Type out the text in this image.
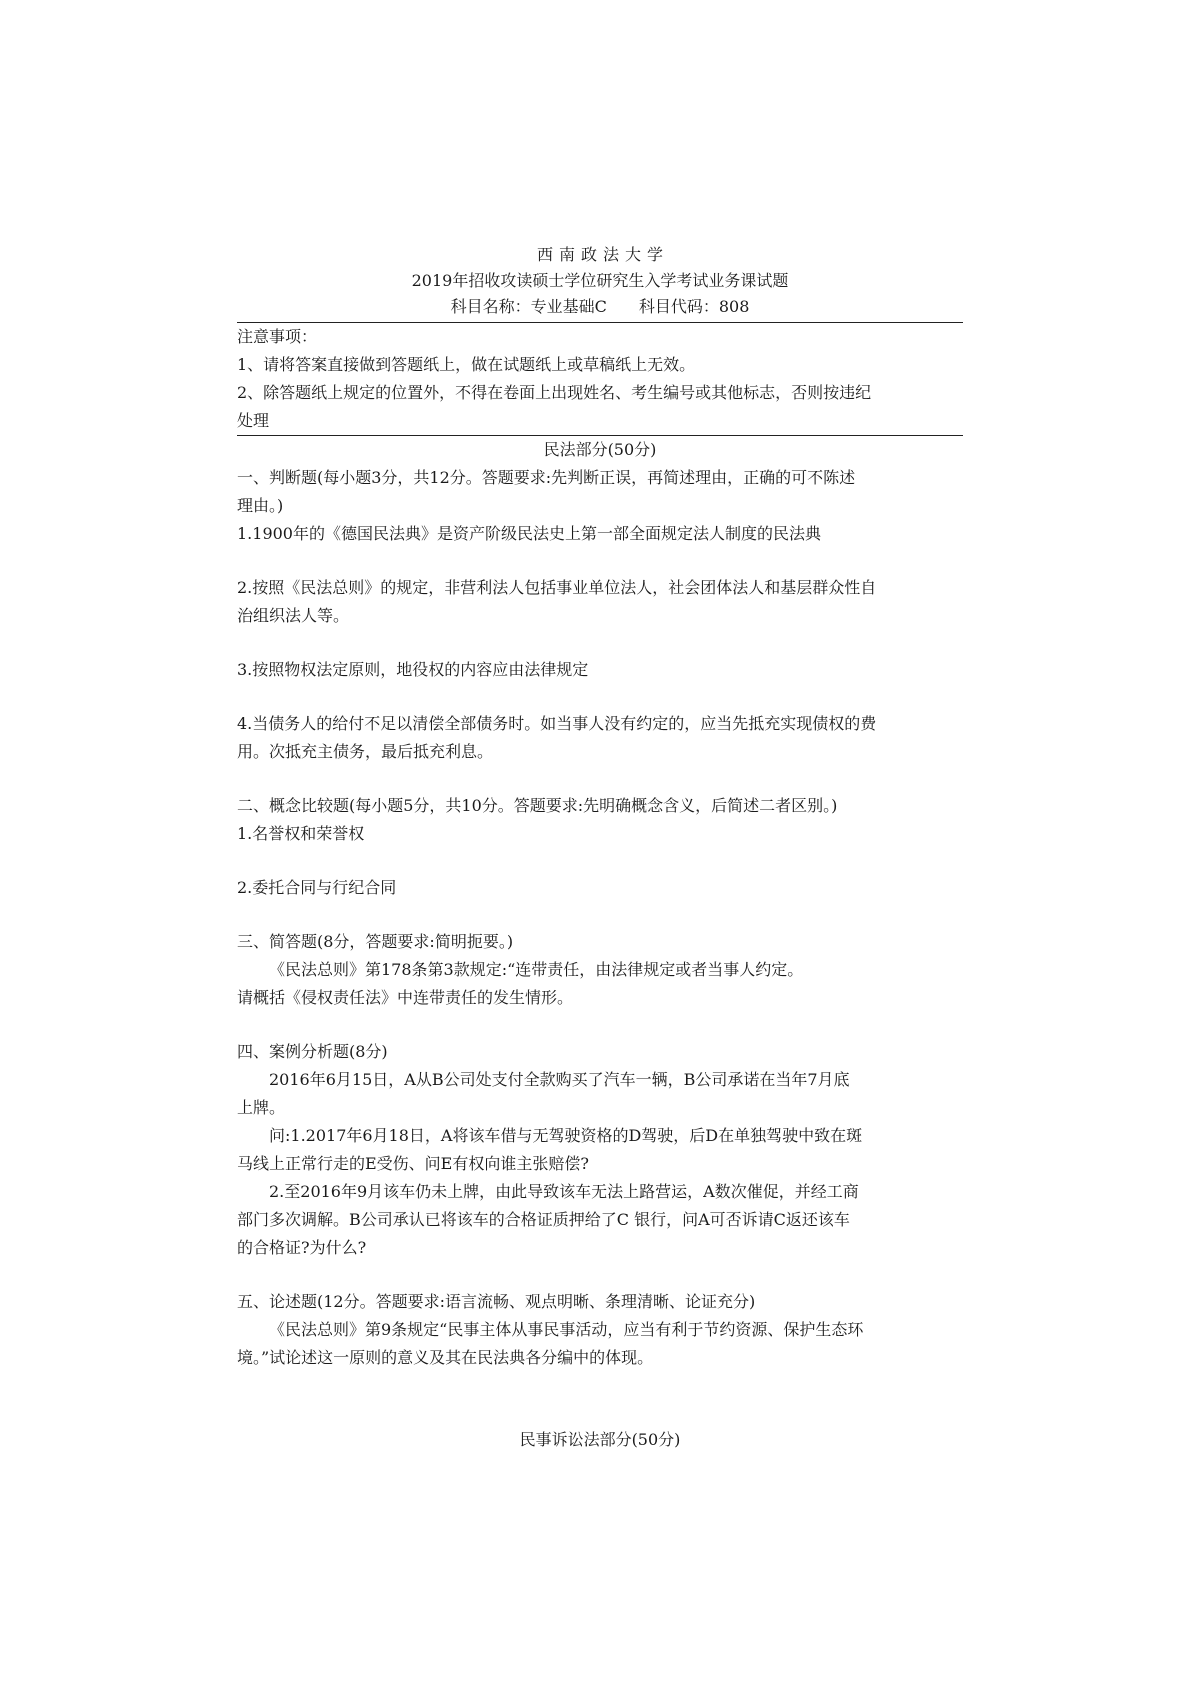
西南政法大学
2019年招收攻读硕士学位研究生入学考试业务课试题
科目名称：专业基础C　　科目代码：808
注意事项：
1、请将答案直接做到答题纸上，做在试题纸上或草稿纸上无效。
2、除答题纸上规定的位置外，不得在卷面上出现姓名、考生编号或其他标志，否则按违纪
处理
民法部分(50分)
一、判断题(每小题3分，共12分。答题要求:先判断正误，再简述理由，正确的可不陈述
理由。)
1.1900年的《德国民法典》是资产阶级民法史上第一部全面规定法人制度的民法典
2.按照《民法总则》的规定，非营利法人包括事业单位法人，社会团体法人和基层群众性自
治组织法人等。
3.按照物权法定原则，地役权的内容应由法律规定
4.当债务人的给付不足以清偿全部债务时。如当事人没有约定的，应当先抵充实现债权的费
用。次抵充主债务，最后抵充利息。
二、概念比较题(每小题5分，共10分。答题要求:先明确概念含义，后简述二者区别。)
1.名誉权和荣誉权
2.委托合同与行纪合同
三、简答题(8分，答题要求:简明扼要。)
《民法总则》第178条第3款规定:“连带责任，由法律规定或者当事人约定。
请概括《侵权责任法》中连带责任的发生情形。
四、案例分析题(8分)
2016年6月15日，A从B公司处支付全款购买了汽车一辆，B公司承诺在当年7月底
上牌。
问:1.2017年6月18日，A将该车借与无驾驶资格的D驾驶，后D在单独驾驶中致在斑
马线上正常行走的E受伤、问E有权向谁主张赔偿?
2.至2016年9月该车仍未上牌，由此导致该车无法上路营运，A数次催促，并经工商
部门多次调解。B公司承认已将该车的合格证质押给了C 银行，问A可否诉请C返还该车
的合格证?为什么?
五、论述题(12分。答题要求:语言流畅、观点明晰、条理清晰、论证充分)
《民法总则》第9条规定“民事主体从事民事活动，应当有利于节约资源、保护生态环
境。”试论述这一原则的意义及其在民法典各分编中的体现。
民事诉讼法部分(50分)
